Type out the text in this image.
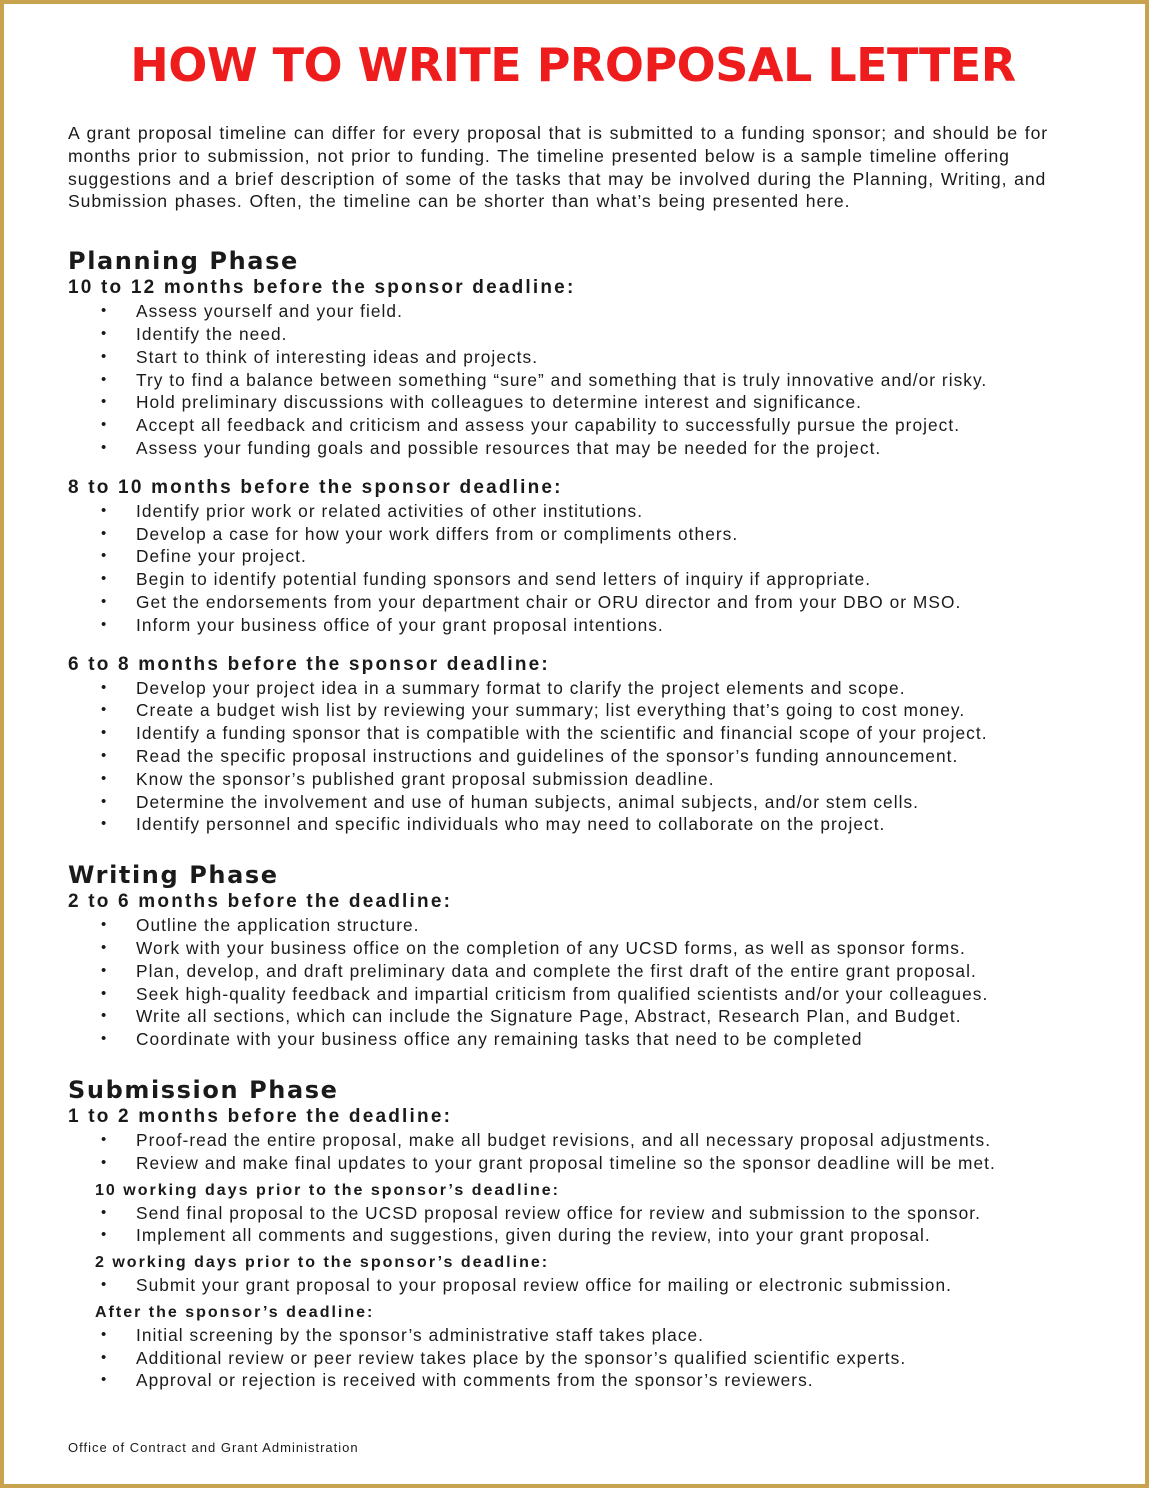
HOW TO WRITE PROPOSAL LETTER

A grant proposal timeline can differ for every proposal that is submitted to a funding sponsor; and should be for months prior to submission, not prior to funding. The timeline presented below is a sample timeline offering suggestions and a brief description of some of the tasks that may be involved during the Planning, Writing, and Submission phases. Often, the timeline can be shorter than what’s being presented here.

Planning Phase
10 to 12 months before the sponsor deadline:
• Assess yourself and your field.
• Identify the need.
• Start to think of interesting ideas and projects.
• Try to find a balance between something “sure” and something that is truly innovative and/or risky.
• Hold preliminary discussions with colleagues to determine interest and significance.
• Accept all feedback and criticism and assess your capability to successfully pursue the project.
• Assess your funding goals and possible resources that may be needed for the project.
8 to 10 months before the sponsor deadline:
• Identify prior work or related activities of other institutions.
• Develop a case for how your work differs from or compliments others.
• Define your project.
• Begin to identify potential funding sponsors and send letters of inquiry if appropriate.
• Get the endorsements from your department chair or ORU director and from your DBO or MSO.
• Inform your business office of your grant proposal intentions.
6 to 8 months before the sponsor deadline:
• Develop your project idea in a summary format to clarify the project elements and scope.
• Create a budget wish list by reviewing your summary; list everything that’s going to cost money.
• Identify a funding sponsor that is compatible with the scientific and financial scope of your project.
• Read the specific proposal instructions and guidelines of the sponsor’s funding announcement.
• Know the sponsor’s published grant proposal submission deadline.
• Determine the involvement and use of human subjects, animal subjects, and/or stem cells.
• Identify personnel and specific individuals who may need to collaborate on the project.
Writing Phase
2 to 6 months before the deadline:
• Outline the application structure.
• Work with your business office on the completion of any UCSD forms, as well as sponsor forms.
• Plan, develop, and draft preliminary data and complete the first draft of the entire grant proposal.
• Seek high-quality feedback and impartial criticism from qualified scientists and/or your colleagues.
• Write all sections, which can include the Signature Page, Abstract, Research Plan, and Budget.
• Coordinate with your business office any remaining tasks that need to be completed
Submission Phase
1 to 2 months before the deadline:
• Proof-read the entire proposal, make all budget revisions, and all necessary proposal adjustments.
• Review and make final updates to your grant proposal timeline so the sponsor deadline will be met.
10 working days prior to the sponsor’s deadline:
• Send final proposal to the UCSD proposal review office for review and submission to the sponsor.
• Implement all comments and suggestions, given during the review, into your grant proposal.
2 working days prior to the sponsor’s deadline:
• Submit your grant proposal to your proposal review office for mailing or electronic submission.
After the sponsor’s deadline:
• Initial screening by the sponsor’s administrative staff takes place.
• Additional review or peer review takes place by the sponsor’s qualified scientific experts.
• Approval or rejection is received with comments from the sponsor’s reviewers.
Office of Contract and Grant Administration
